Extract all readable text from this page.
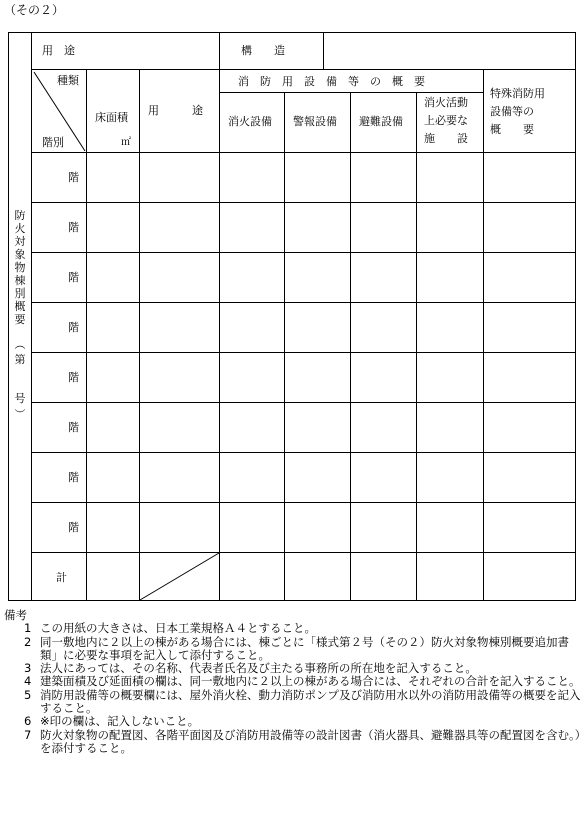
（その２）
用　途	構　　造
種類
階別
床面積
㎡
用　　　途
消　防　用　設　備　等　の　概　要
消火設備 警報設備 避難設備
消火活動
上必要な
施　　設
特殊消防用
設備等の
概　　要
防
火
対
象
物
棟
別
概
要
︵
第
号
︶
階
階
階
階
階
階
階
階
計
備考
1 この用紙の大きさは、日本工業規格Ａ４とすること。
2 同一敷地内に２以上の棟がある場合には、棟ごとに「様式第２号（その２）防火対象物棟別概要追加書類」に必要な事項を記入して添付すること。
3 法人にあっては、その名称、代表者氏名及び主たる事務所の所在地を記入すること。
4 建築面積及び延面積の欄は、同一敷地内に２以上の棟がある場合には、それぞれの合計を記入すること。
5 消防用設備等の概要欄には、屋外消火栓、動力消防ポンプ及び消防用水以外の消防用設備等の概要を記入すること。
6 ※印の欄は、記入しないこと。
7 防火対象物の配置図、各階平面図及び消防用設備等の設計図書（消火器具、避難器具等の配置図を含む。）を添付すること。
